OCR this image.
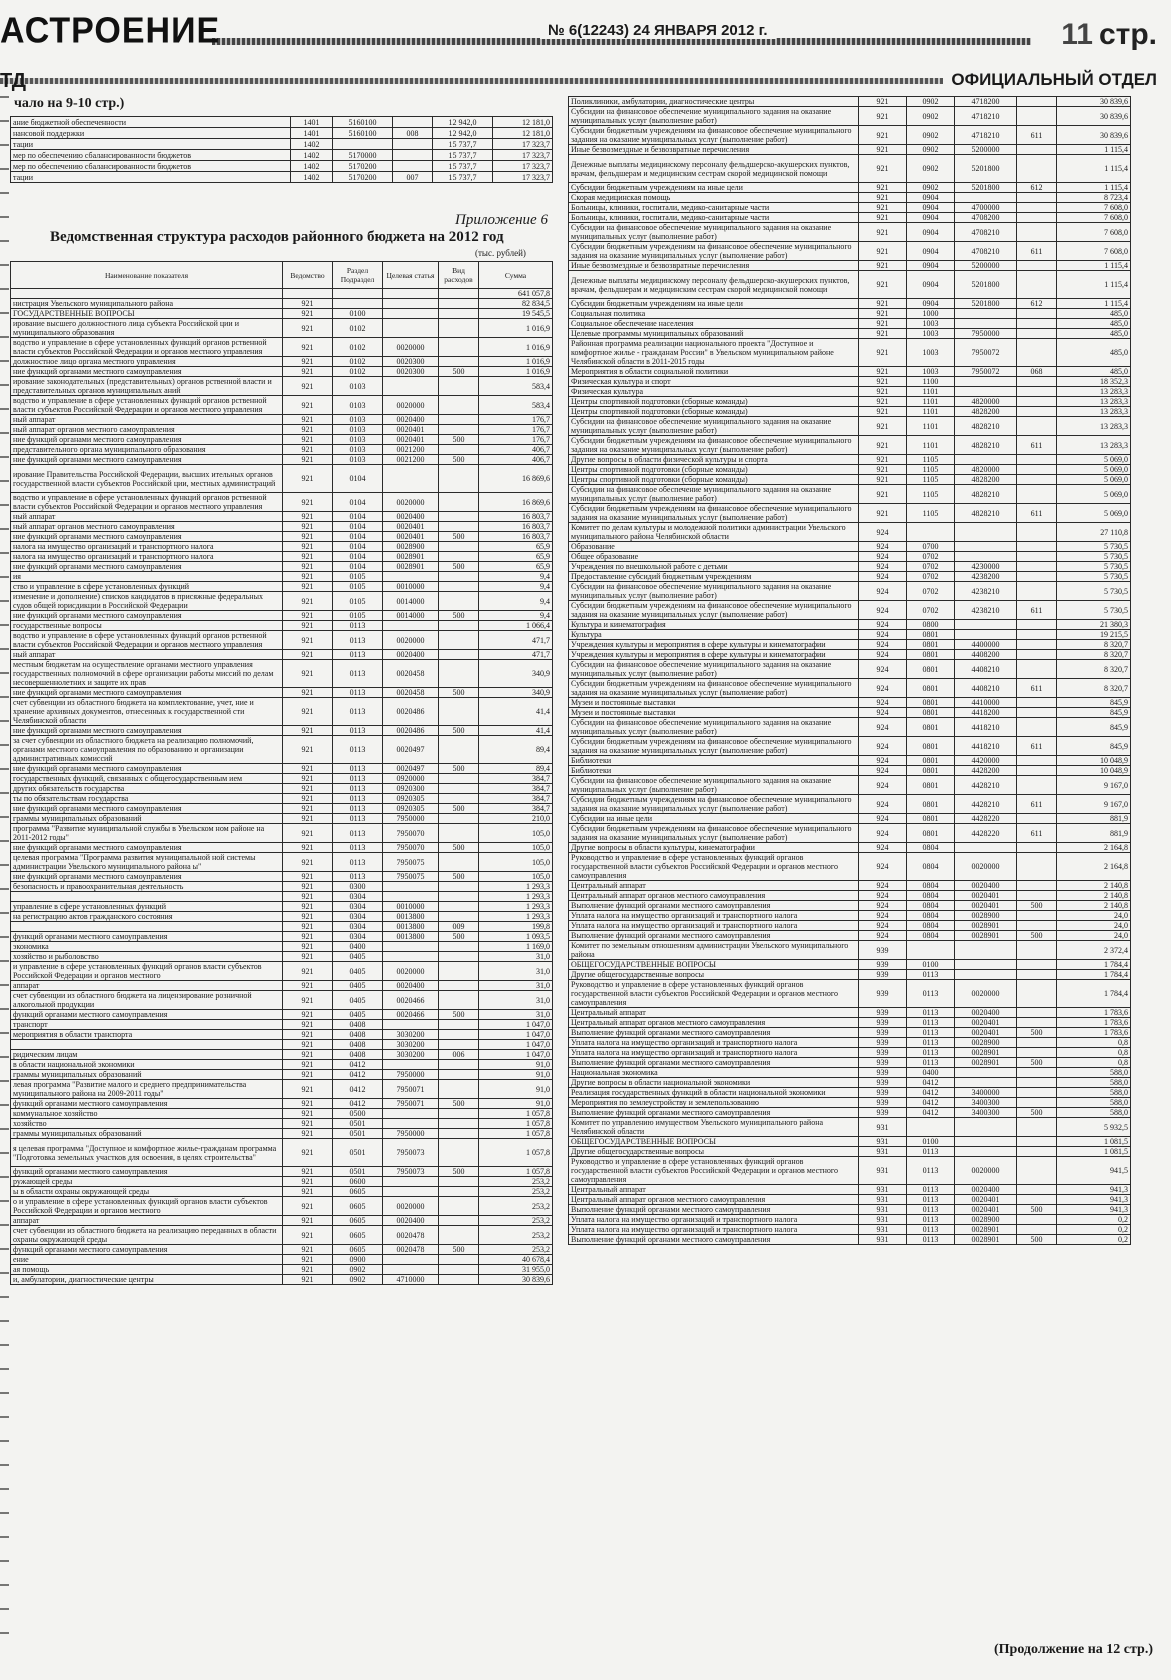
АСТРОЕНИЕ	№ 6(12243) 24 ЯНВАРЯ 2012 г.	11 стр.
ТД	ОФИЦИАЛЬНЫЙ ОТДЕЛ
чало на 9-10 стр.)
ание бюджетной обеспеченности	1401	5160100		12 942,0	12 181,0
нансовой поддержки	1401	5160100	008	12 942,0	12 181,0
тации	1402			15 737,7	17 323,7
мер по обеспечению сбалансированности бюджетов	1402	5170000		15 737,7	17 323,7
мер по обеспечению сбалансированности бюджетов	1402	5170200		15 737,7	17 323,7
тации	1402	5170200	007	15 737,7	17 323,7
Приложение 6
Ведомственная структура расходов районного бюджета на 2012 год
(тыс. рублей)
Наименование показателя	Ведомство	Раздел Подраздел	Целевая статья	Вид расходов	Сумма
					641 057,8
нистрация Увельского муниципального района	921				82 834,5
ГОСУДАРСТВЕННЫЕ ВОПРОСЫ	921	0100			19 545,5
ирование высшего должностного лица субъекта Российской ции и муниципального образования	921	0102			1 016,9
водство и управление в сфере установленных функций органов рственной власти субъектов Российской Федерации и органов местного управления	921	0102	0020000		1 016,9
должностное лицо органа местного управления	921	0102	0020300		1 016,9
ние функций органами местного самоуправления	921	0102	0020300	500	1 016,9
ирование законодательных (представительных) органов рственной власти и представительных органов муниципальных аний	921	0103			583,4
водство и управление в сфере установленных функций органов рственной власти субъектов Российской Федерации и органов местного управления	921	0103	0020000		583,4
ный аппарат	921	0103	0020400		176,7
ный аппарат органов местного самоуправления	921	0103	0020401		176,7
ние функций органами местного самоуправления	921	0103	0020401	500	176,7
представительного органа муниципального образования	921	0103	0021200		406,7
ние функций органами местного самоуправления	921	0103	0021200	500	406,7
ирование Правительства Российской Федерации, высших ительных органов государственной власти субъектов Российской ции, местных администраций	921	0104			16 869,6
водство и управление в сфере установленных функций органов рственной власти субъектов Российской Федерации и органов местного управления	921	0104	0020000		16 869,6
ный аппарат	921	0104	0020400		16 803,7
ный аппарат органов местного самоуправления	921	0104	0020401		16 803,7
ние функций органами местного самоуправления	921	0104	0020401	500	16 803,7
налога на имущество организаций и транспортного налога	921	0104	0028900		65,9
налога на имущество организаций и транспортного налога	921	0104	0028901		65,9
ние функций органами местного самоуправления	921	0104	0028901	500	65,9
ия	921	0105			9,4
ство и управление в сфере установленных функций	921	0105	0010000		9,4
изменение и дополнение) списков кандидатов в присяжные федеральных судов общей юрисдикции в Российской Федерации	921	0105	0014000		9,4
ние функций органами местного самоуправления	921	0105	0014000	500	9,4
государственные вопросы	921	0113			1 066,4
водство и управление в сфере установленных функций органов рственной власти субъектов Российской Федерации и органов местного управления	921	0113	0020000		471,7
ный аппарат	921	0113	0020400		471,7
местным бюджетам на осуществление органами местного управления государственных полномочий в сфере организации работы миссий по делам несовершеннолетних и защите их прав	921	0113	0020458		340,9
ние функций органами местного самоуправления	921	0113	0020458	500	340,9
счет субвенции из областного бюджета на комплектование, учет, ние и хранение архивных документов, отнесенных к государственной сти Челябинской области	921	0113	0020486		41,4
ние функций органами местного самоуправления	921	0113	0020486	500	41,4
за счет субвенции из областного бюджета на реализацию полномочий, органами местного самоуправления по образованию и организации административных комиссий	921	0113	0020497		89,4
ние функций органами местного самоуправления	921	0113	0020497	500	89,4
государственных функций, связанных с общегосударственным ием	921	0113	0920000		384,7
других обязательств государства	921	0113	0920300		384,7
ты по обязательствам государства	921	0113	0920305		384,7
ние функций органами местного самоуправления	921	0113	0920305	500	384,7
граммы муниципальных образований	921	0113	7950000		210,0
программа "Развитие муниципальной службы в Увельском ном районе на 2011-2012 годы"	921	0113	7950070		105,0
ние функций органами местного самоуправления	921	0113	7950070	500	105,0
целевая программа "Программа развития муниципальной ной системы администрации Увельского муниципального района ы"	921	0113	7950075		105,0
ние функций органами местного самоуправления	921	0113	7950075	500	105,0
безопасность и правоохранительная деятельность	921	0300			1 293,3
	921	0304			1 293,3
управление в сфере установленных функций	921	0304	0010000		1 293,3
на регистрацию актов гражданского состояния	921	0304	0013800		1 293,3
	921	0304	0013800	009	199,8
функций органами местного самоуправления	921	0304	0013800	500	1 093,5
экономика	921	0400			1 169,0
хозяйство и рыболовство	921	0405			31,0
и управление в сфере установленных функций органов власти субъектов Российской Федерации и органов местного	921	0405	0020000		31,0
аппарат	921	0405	0020400		31,0
счет субвенции из областного бюджета на лицензирование розничной алкогольной продукции	921	0405	0020466		31,0
функций органами местного самоуправления	921	0405	0020466	500	31,0
транспорт	921	0408			1 047,0
мероприятия в области транспорта	921	0408	3030200		1 047,0
	921	0408	3030200		1 047,0
ридическим лицам	921	0408	3030200	006	1 047,0
в области национальной экономики	921	0412			91,0
граммы муниципальных образований	921	0412	7950000		91,0
левая программа "Развитие малого и среднего предпринимательства муниципального района на 2009-2011 годы"	921	0412	7950071		91,0
функций органами местного самоуправления	921	0412	7950071	500	91,0
коммунальное хозяйство	921	0500			1 057,8
хозяйство	921	0501			1 057,8
граммы муниципальных образований	921	0501	7950000		1 057,8
я целевая программа "Доступное и комфортное жилье-гражданам программа "Подготовка земельных участков для освоения, в целях строительства"	921	0501	7950073		1 057,8
функций органами местного самоуправления	921	0501	7950073	500	1 057,8
ружающей среды	921	0600			253,2
ы в области охраны окружающей среды	921	0605			253,2
о и управление в сфере установленных функций органов власти субъектов Российской Федерации и органов местного	921	0605	0020000		253,2
аппарат	921	0605	0020400		253,2
счет субвенции из областного бюджета на реализацию переданных в области охраны окружающей среды	921	0605	0020478		253,2
функций органами местного самоуправления	921	0605	0020478	500	253,2
ение	921	0900			40 678,4
ая помощь	921	0902			31 955,0
и, амбулатории, диагностические центры	921	0902	4710000		30 839,6
Поликлиники, амбулатории, диагностические центры	921	0902	4718200		30 839,6
Субсидии на финансовое обеспечение муниципального задания на оказание муниципальных услуг (выполнение работ)	921	0902	4718210		30 839,6
Субсидии бюджетным учреждениям на финансовое обеспечение муниципального задания на оказание муниципальных услуг (выполнение работ)	921	0902	4718210	611	30 839,6
Иные безвозмездные и безвозвратные перечисления	921	0902	5200000		1 115,4
Денежные выплаты медицинскому персоналу фельдшерско-акушерских пунктов, врачам, фельдшерам и медицинским сестрам скорой медицинской помощи	921	0902	5201800		1 115,4
Субсидии бюджетным учреждениям на иные цели	921	0902	5201800	612	1 115,4
Скорая медицинская помощь	921	0904			8 723,4
Больницы, клиники, госпитали, медико-санитарные части	921	0904	4700000		7 608,0
Больницы, клиники, госпитали, медико-санитарные части	921	0904	4708200		7 608,0
Субсидии на финансовое обеспечение муниципального задания на оказание муниципальных услуг (выполнение работ)	921	0904	4708210		7 608,0
Субсидии бюджетным учреждениям на финансовое обеспечение муниципального задания на оказание муниципальных услуг (выполнение работ)	921	0904	4708210	611	7 608,0
Иные безвозмездные и безвозвратные перечисления	921	0904	5200000		1 115,4
Денежные выплаты медицинскому персоналу фельдшерско-акушерских пунктов, врачам, фельдшерам и медицинским сестрам скорой медицинской помощи	921	0904	5201800		1 115,4
Субсидии бюджетным учреждениям на иные цели	921	0904	5201800	612	1 115,4
Социальная политика	921	1000			485,0
Социальное обеспечение населения	921	1003			485,0
Целевые программы муниципальных образований	921	1003	7950000		485,0
Районная программа реализации национального проекта "Доступное и комфортное жилье - гражданам России" в Увельском муниципальном районе Челябинской области в 2011-2015 годы	921	1003	7950072		485,0
Мероприятия в области социальной политики	921	1003	7950072	068	485,0
Физическая культура и спорт	921	1100			18 352,3
Физическая культура	921	1101			13 283,3
Центры спортивной подготовки (сборные команды)	921	1101	4820000		13 283,3
Центры спортивной подготовки (сборные команды)	921	1101	4828200		13 283,3
Субсидии на финансовое обеспечение муниципального задания на оказание муниципальных услуг (выполнение работ)	921	1101	4828210		13 283,3
Субсидии бюджетным учреждениям на финансовое обеспечение муниципального задания на оказание муниципальных услуг (выполнение работ)	921	1101	4828210	611	13 283,3
Другие вопросы в области физической культуры и спорта	921	1105			5 069,0
Центры спортивной подготовки (сборные команды)	921	1105	4820000		5 069,0
Центры спортивной подготовки (сборные команды)	921	1105	4828200		5 069,0
Субсидии на финансовое обеспечение муниципального задания на оказание муниципальных услуг (выполнение работ)	921	1105	4828210		5 069,0
Субсидии бюджетным учреждениям на финансовое обеспечение муниципального задания на оказание муниципальных услуг (выполнение работ)	921	1105	4828210	611	5 069,0
Комитет по делам культуры и молодежной политики администрации Увельского муниципального района Челябинской области	924				27 110,8
Образование	924	0700			5 730,5
Общее образование	924	0702			5 730,5
Учреждения по внешкольной работе с детьми	924	0702	4230000		5 730,5
Предоставление субсидий бюджетным учреждениям	924	0702	4238200		5 730,5
Субсидии на финансовое обеспечение муниципального задания на оказание муниципальных услуг (выполнение работ)	924	0702	4238210		5 730,5
Субсидии бюджетным учреждениям на финансовое обеспечение муниципального задания на оказание муниципальных услуг (выполнение работ)	924	0702	4238210	611	5 730,5
Культура и кинематография	924	0800			21 380,3
Культура	924	0801			19 215,5
Учреждения культуры и мероприятия в сфере культуры и кинематографии	924	0801	4400000		8 320,7
Учреждения культуры и мероприятия в сфере культуры и кинематографии	924	0801	4408200		8 320,7
Субсидии на финансовое обеспечение муниципального задания на оказание муниципальных услуг (выполнение работ)	924	0801	4408210		8 320,7
Субсидии бюджетным учреждениям на финансовое обеспечение муниципального задания на оказание муниципальных услуг (выполнение работ)	924	0801	4408210	611	8 320,7
Музеи и постоянные выставки	924	0801	4410000		845,9
Музеи и постоянные выставки	924	0801	4418200		845,9
Субсидии на финансовое обеспечение муниципального задания на оказание муниципальных услуг (выполнение работ)	924	0801	4418210		845,9
Субсидии бюджетным учреждениям на финансовое обеспечение муниципального задания на оказание муниципальных услуг (выполнение работ)	924	0801	4418210	611	845,9
Библиотеки	924	0801	4420000		10 048,9
Библиотеки	924	0801	4428200		10 048,9
Субсидии на финансовое обеспечение муниципального задания на оказание муниципальных услуг (выполнение работ)	924	0801	4428210		9 167,0
Субсидии бюджетным учреждениям на финансовое обеспечение муниципального задания на оказание муниципальных услуг (выполнение работ)	924	0801	4428210	611	9 167,0
Субсидии на иные цели	924	0801	4428220		881,9
Субсидии бюджетным учреждениям на финансовое обеспечение муниципального задания на оказание муниципальных услуг (выполнение работ)	924	0801	4428220	611	881,9
Другие вопросы в области культуры, кинематографии	924	0804			2 164,8
Руководство и управление в сфере установленных функций органов государственной власти субъектов Российской Федерации и органов местного самоуправления	924	0804	0020000		2 164,8
Центральный аппарат	924	0804	0020400		2 140,8
Центральный аппарат органов местного самоуправления	924	0804	0020401		2 140,8
Выполнение функций органами местного самоуправления	924	0804	0020401	500	2 140,8
Уплата налога на имущество организаций и транспортного налога	924	0804	0028900		24,0
Уплата налога на имущество организаций и транспортного налога	924	0804	0028901		24,0
Выполнение функций органами местного самоуправления	924	0804	0028901	500	24,0
Комитет по земельным отношениям администрации Увельского муниципального района	939				2 372,4
ОБЩЕГОСУДАРСТВЕННЫЕ ВОПРОСЫ	939	0100			1 784,4
Другие общегосударственные вопросы	939	0113			1 784,4
Руководство и управление в сфере установленных функций органов государственной власти субъектов Российской Федерации и органов местного самоуправления	939	0113	0020000		1 784,4
Центральный аппарат	939	0113	0020400		1 783,6
Центральный аппарат органов местного самоуправления	939	0113	0020401		1 783,6
Выполнение функций органами местного самоуправления	939	0113	0020401	500	1 783,6
Уплата налога на имущество организаций и транспортного налога	939	0113	0028900		0,8
Уплата налога на имущество организаций и транспортного налога	939	0113	0028901		0,8
Выполнение функций органами местного самоуправления	939	0113	0028901	500	0,8
Национальная экономика	939	0400			588,0
Другие вопросы в области национальной экономики	939	0412			588,0
Реализация государственных функций в области национальной экономики	939	0412	3400000		588,0
Мероприятия по землеустройству и землепользованию	939	0412	3400300		588,0
Выполнение функций органами местного самоуправления	939	0412	3400300	500	588,0
Комитет по управлению имуществом Увельского муниципального района Челябинской области	931				5 932,5
ОБЩЕГОСУДАРСТВЕННЫЕ ВОПРОСЫ	931	0100			1 081,5
Другие общегосударственные вопросы	931	0113			1 081,5
Руководство и управление в сфере установленных функций органов государственной власти субъектов Российской Федерации и органов местного самоуправления	931	0113	0020000		941,5
Центральный аппарат	931	0113	0020400		941,3
Центральный аппарат органов местного самоуправления	931	0113	0020401		941,3
Выполнение функций органами местного самоуправления	931	0113	0020401	500	941,3
Уплата налога на имущество организаций и транспортного налога	931	0113	0028900		0,2
Уплата налога на имущество организаций и транспортного налога	931	0113	0028901		0,2
Выполнение функций органами местного самоуправления	931	0113	0028901	500	0,2
(Продолжение на 12 стр.)
